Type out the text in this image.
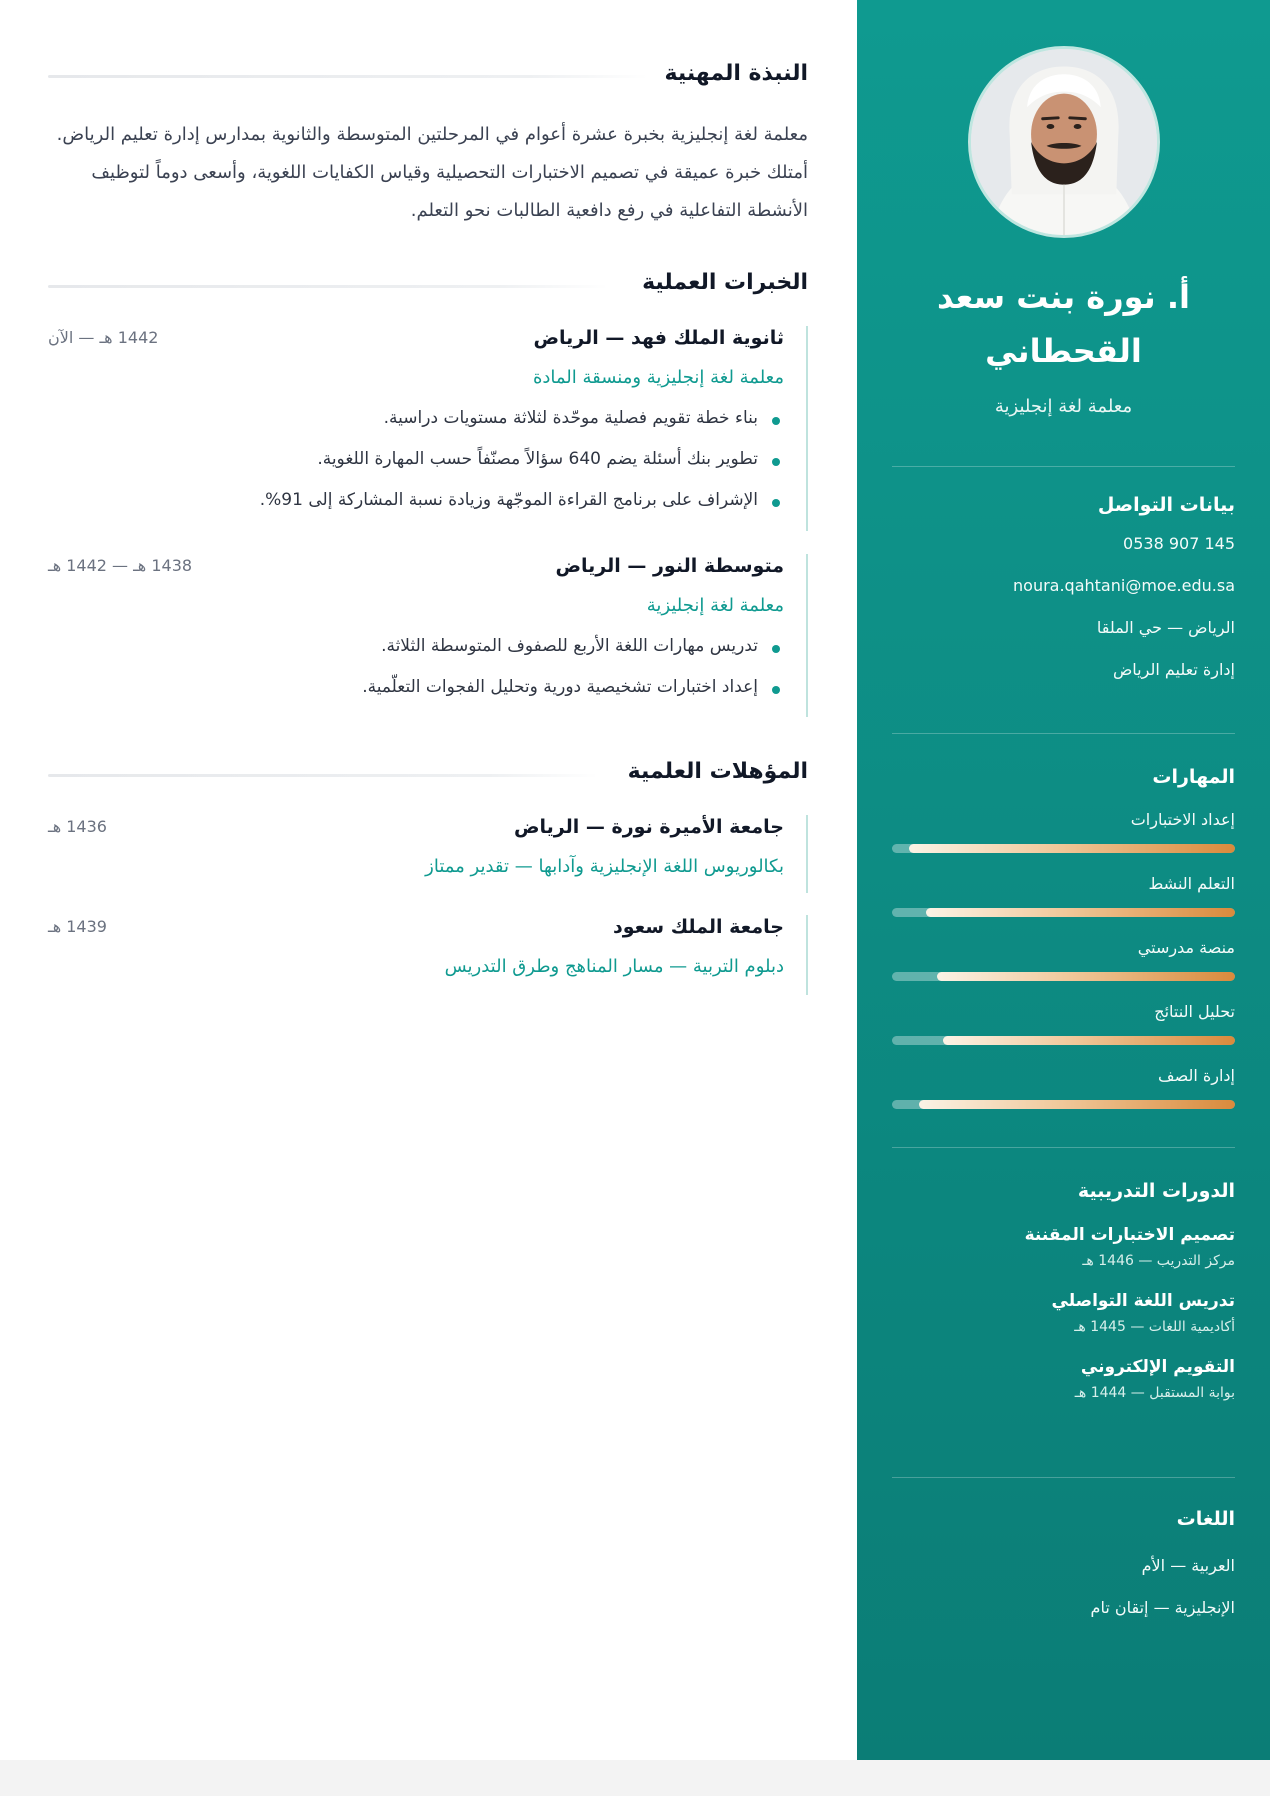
أ. نورة بنت سعد القحطاني
معلمة لغة إنجليزية
بيانات التواصل
0538 907 145
noura.qahtani@moe.edu.sa
الرياض — حي الملقا
إدارة تعليم الرياض
المهارات
إعداد الاختبارات
التعلم النشط
منصة مدرستي
تحليل النتائج
إدارة الصف
الدورات التدريبية
تصميم الاختبارات المقننة
مركز التدريب — 1446 هـ
تدريس اللغة التواصلي
أكاديمية اللغات — 1445 هـ
التقويم الإلكتروني
بوابة المستقبل — 1444 هـ
اللغات
العربية — الأم
الإنجليزية — إتقان تام
النبذة المهنية
معلمة لغة إنجليزية بخبرة عشرة أعوام في المرحلتين المتوسطة والثانوية بمدارس إدارة تعليم الرياض. أمتلك خبرة عميقة في تصميم الاختبارات التحصيلية وقياس الكفايات اللغوية، وأسعى دوماً لتوظيف الأنشطة التفاعلية في رفع دافعية الطالبات نحو التعلم.
الخبرات العملية
ثانوية الملك فهد — الرياض
1442 هـ — الآن
معلمة لغة إنجليزية ومنسقة المادة
بناء خطة تقويم فصلية موحّدة لثلاثة مستويات دراسية.
تطوير بنك أسئلة يضم 640 سؤالاً مصنّفاً حسب المهارة اللغوية.
الإشراف على برنامج القراءة الموجّهة وزيادة نسبة المشاركة إلى 91%.
متوسطة النور — الرياض
1438 هـ — 1442 هـ
معلمة لغة إنجليزية
تدريس مهارات اللغة الأربع للصفوف المتوسطة الثلاثة.
إعداد اختبارات تشخيصية دورية وتحليل الفجوات التعلّمية.
المؤهلات العلمية
جامعة الأميرة نورة — الرياض
1436 هـ
بكالوريوس اللغة الإنجليزية وآدابها — تقدير ممتاز
جامعة الملك سعود
1439 هـ
دبلوم التربية — مسار المناهج وطرق التدريس
